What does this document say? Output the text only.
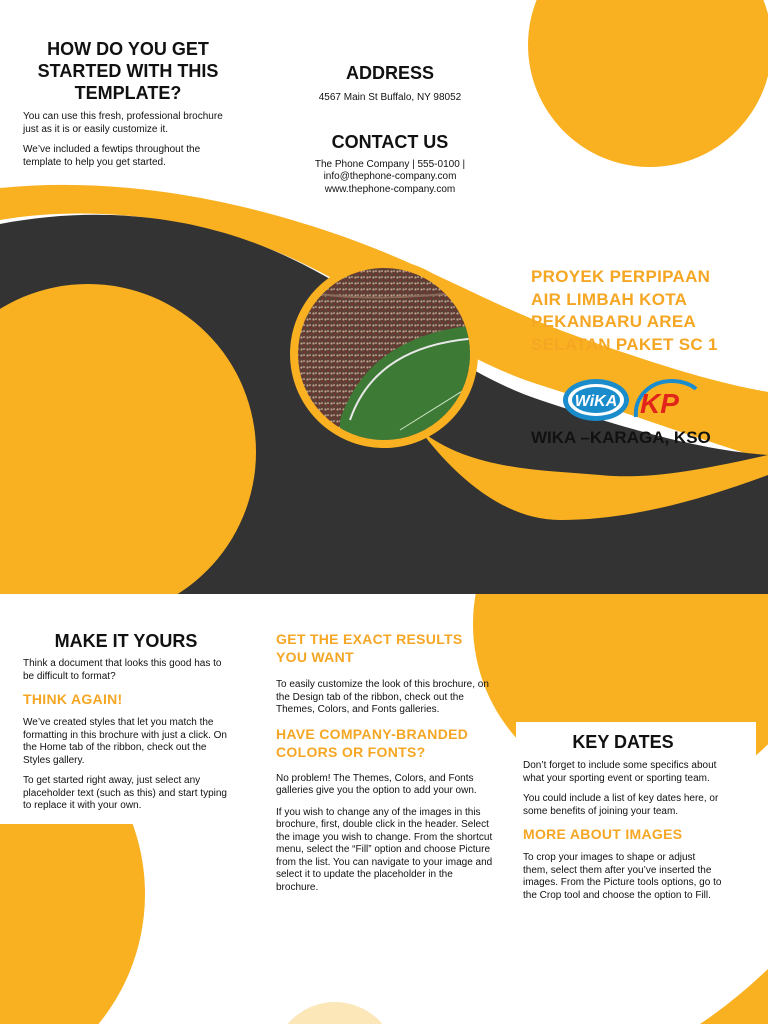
HOW DO YOU GET STARTED WITH THIS TEMPLATE?

You can use this fresh, professional brochure just as it is or easily customize it.

We’ve included a fewtips throughout the template to help you get started.

ADDRESS

4567 Main St Buffalo, NY 98052

CONTACT US

The Phone Company | 555-0100 |

info@thephone-company.com

www.thephone-company.com

PROYEK PERPIPAAN
AIR LIMBAH KOTA
PEKANBARU AREA
SELATAN PAKET SC 1
WiKA KP
WIKA –KARAGA, KSO
MAKE IT YOURS

Think a document that looks this good has to be difficult to format?

THINK AGAIN!

We’ve created styles that let you match the formatting in this brochure with just a click. On the Home tab of the ribbon, check out the Styles gallery.

To get started right away, just select any placeholder text (such as this) and start typing to replace it with your own.

GET THE EXACT RESULTS YOU WANT

To easily customize the look of this brochure, on the Design tab of the ribbon, check out the Themes, Colors, and Fonts galleries.

HAVE COMPANY-BRANDED COLORS OR FONTS?

No problem! The Themes, Colors, and Fonts galleries give you the option to add your own.

If you wish to change any of the images in this brochure, first, double click in the header. Select the image you wish to change. From the shortcut menu, select the “Fill” option and choose Picture from the list. You can navigate to your image and select it to update the placeholder in the brochure.

KEY DATES

Don’t forget to include some specifics about what your sporting event or sporting team.

You could include a list of key dates here, or some benefits of joining your team.

MORE ABOUT IMAGES

To crop your images to shape or adjust them, select them after you’ve inserted the images. From the Picture tools options, go to the Crop tool and choose the option to Fill.
